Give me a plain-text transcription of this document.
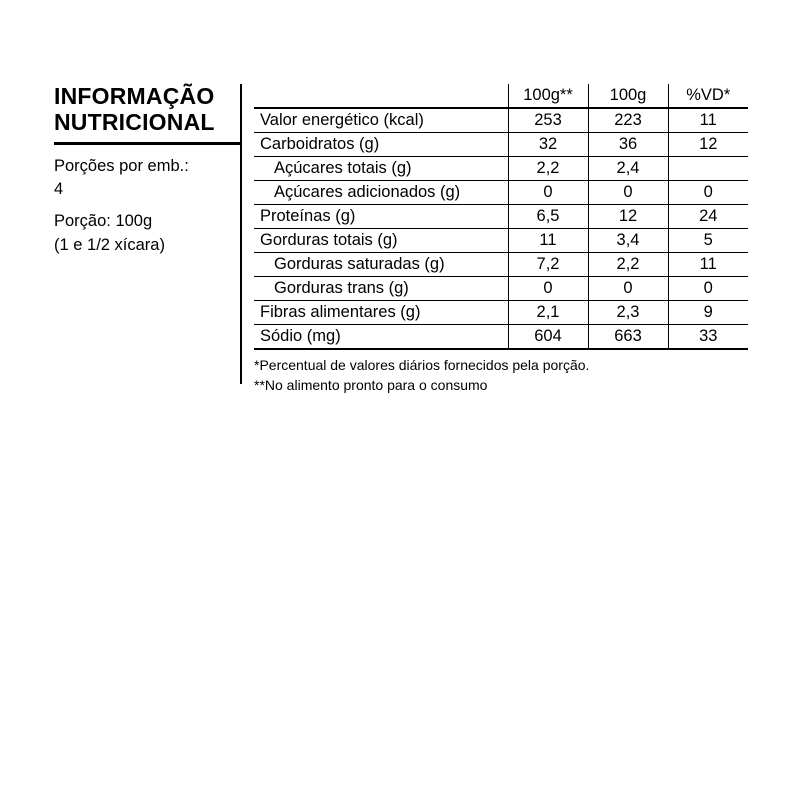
INFORMAÇÃO
NUTRICIONAL

Porções por emb.:

4

Porção: 100g

(1 e 1/2 xícara)

	100g**	100g	%VD*
Valor energético (kcal)	253	223	11
Carboidratos (g)	32	36	12
Açúcares totais (g)	2,2	2,4	
Açúcares adicionados (g)	0	0	0
Proteínas (g)	6,5	12	24
Gorduras totais (g)	11	3,4	5
Gorduras saturadas (g)	7,2	2,2	11
Gorduras trans (g)	0	0	0
Fibras alimentares (g)	2,1	2,3	9
Sódio (mg)	604	663	33

*Percentual de valores diários fornecidos pela porção.

**No alimento pronto para o consumo
